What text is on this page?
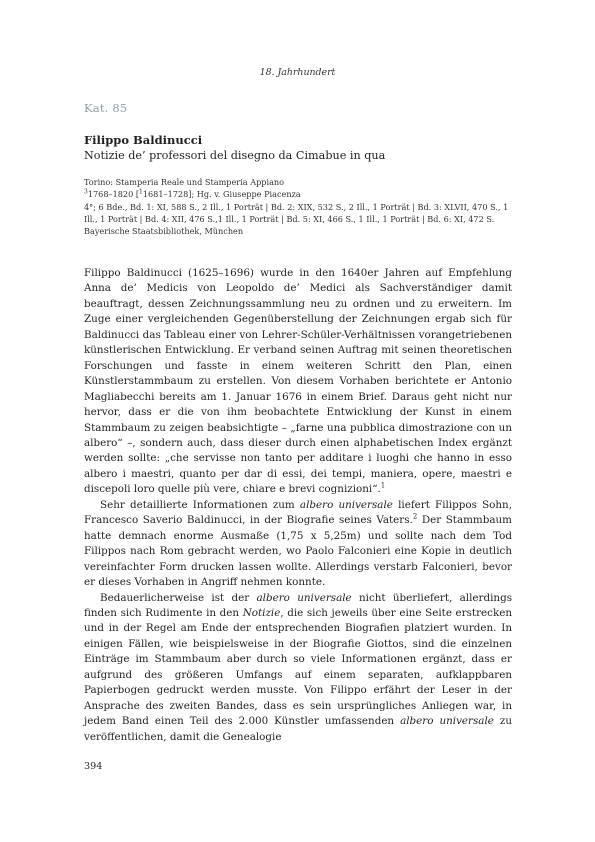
18. Jahrhundert
Kat. 85
Filippo Baldinucci
Notizie de’ professori del disegno da Cimabue in qua
Torino: Stamperia Reale und Stamperia Appiano
$^3$1768–1820 [$^1$1681–1728]; Hg. v. Giuseppe Piacenza
4°; 6 Bde., Bd. 1: XI, 588 S., 2 Ill., 1 Porträt | Bd. 2: XIX, 532 S., 2 Ill., 1 Porträt | Bd. 3: XLVII, 470 S., 1 Ill., 1 Porträt | Bd. 4: XII, 476 S.,1 Ill., 1 Porträt | Bd. 5: XI, 466 S., 1 Ill., 1 Porträt | Bd. 6: XI, 472 S.
Bayerische Staatsbibliothek, München

Filippo Baldinucci (1625–1696) wurde in den 1640er Jahren auf Empfehlung Anna de’ Medicis von Leopoldo de’ Medici als Sachverständiger damit beauftragt, dessen Zeichnungssammlung neu zu ordnen und zu erweitern. Im Zuge einer vergleichenden Gegenüberstellung der Zeichnungen ergab sich für Baldinucci das Tableau einer von Lehrer-Schüler-Verhältnissen vorangetriebenen künstlerischen Entwicklung. Er verband seinen Auftrag mit seinen theoretischen Forschungen und fasste in einem weiteren Schritt den Plan, einen Künstlerstammbaum zu erstellen. Von diesem Vorhaben berichtete er Antonio Magliabecchi bereits am 1. Januar 1676 in einem Brief. Daraus geht nicht nur hervor, dass er die von ihm beobachtete Entwicklung der Kunst in einem Stammbaum zu zeigen beabsichtigte – „farne una pubblica dimostrazione con un albero“ –, sondern auch, dass dieser durch einen alphabetischen Index ergänzt werden sollte: „che servisse non tanto per additare i luoghi che hanno in esso albero i maestri, quanto per dar di essi, dei tempi, maniera, opere, maestri e discepoli loro quelle più vere, chiare e brevi cognizioni“.$^1$

Sehr detaillierte Informationen zum albero universale liefert Filippos Sohn, Francesco Saverio Baldinucci, in der Biografie seines Vaters.$^2$ Der Stammbaum hatte demnach enorme Ausmaße (1,75 x 5,25m) und sollte nach dem Tod Filippos nach Rom gebracht werden, wo Paolo Falconieri eine Kopie in deutlich vereinfachter Form drucken lassen wollte. Allerdings verstarb Falconieri, bevor er dieses Vorhaben in Angriff nehmen konnte.

Bedauerlicherweise ist der albero universale nicht überliefert, allerdings finden sich Rudimente in den Notizie, die sich jeweils über eine Seite erstrecken und in der Regel am Ende der entsprechenden Biografien platziert wurden. In einigen Fällen, wie beispielsweise in der Biografie Giottos, sind die einzelnen Einträge im Stammbaum aber durch so viele Informationen ergänzt, dass er aufgrund des größeren Umfangs auf einem separaten, aufklappbaren Papierbogen gedruckt werden musste. Von Filippo erfährt der Leser in der Ansprache des zweiten Bandes, dass es sein ursprüngliches Anliegen war, in jedem Band einen Teil des 2.000 Künstler umfassenden albero universale zu veröffentlichen, damit die Genealogie

394
